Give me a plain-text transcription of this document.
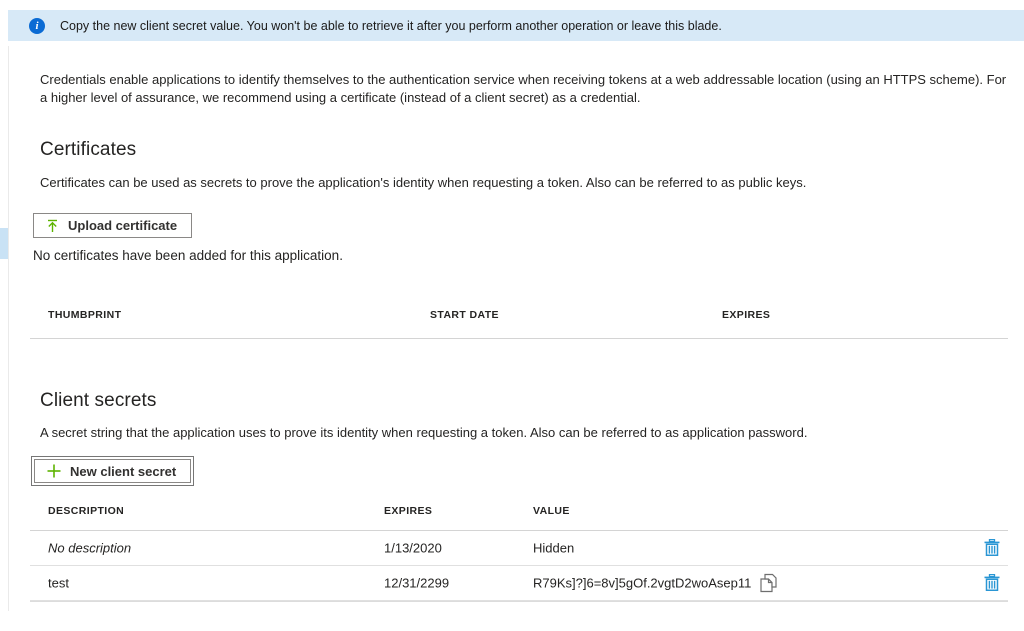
i	Copy the new client secret value. You won't be able to retrieve it after you perform another operation or leave this blade.

Credentials enable applications to identify themselves to the authentication service when receiving tokens at a web addressable location (using an HTTPS scheme). For a higher level of assurance, we recommend using a certificate (instead of a client secret) as a credential.

Certificates

Certificates can be used as secrets to prove the application's identity when requesting a token. Also can be referred to as public keys.

Upload certificate
No certificates have been added for this application.
THUMBPRINT	START DATE	EXPIRES
Client secrets

A secret string that the application uses to prove its identity when requesting a token. Also can be referred to as application password.

New client secret
DESCRIPTION	EXPIRES	VALUE
No description	1/13/2020	Hidden
test	12/31/2299	R79Ks]?]6=8v]5gOf.2vgtD2woAsep11
